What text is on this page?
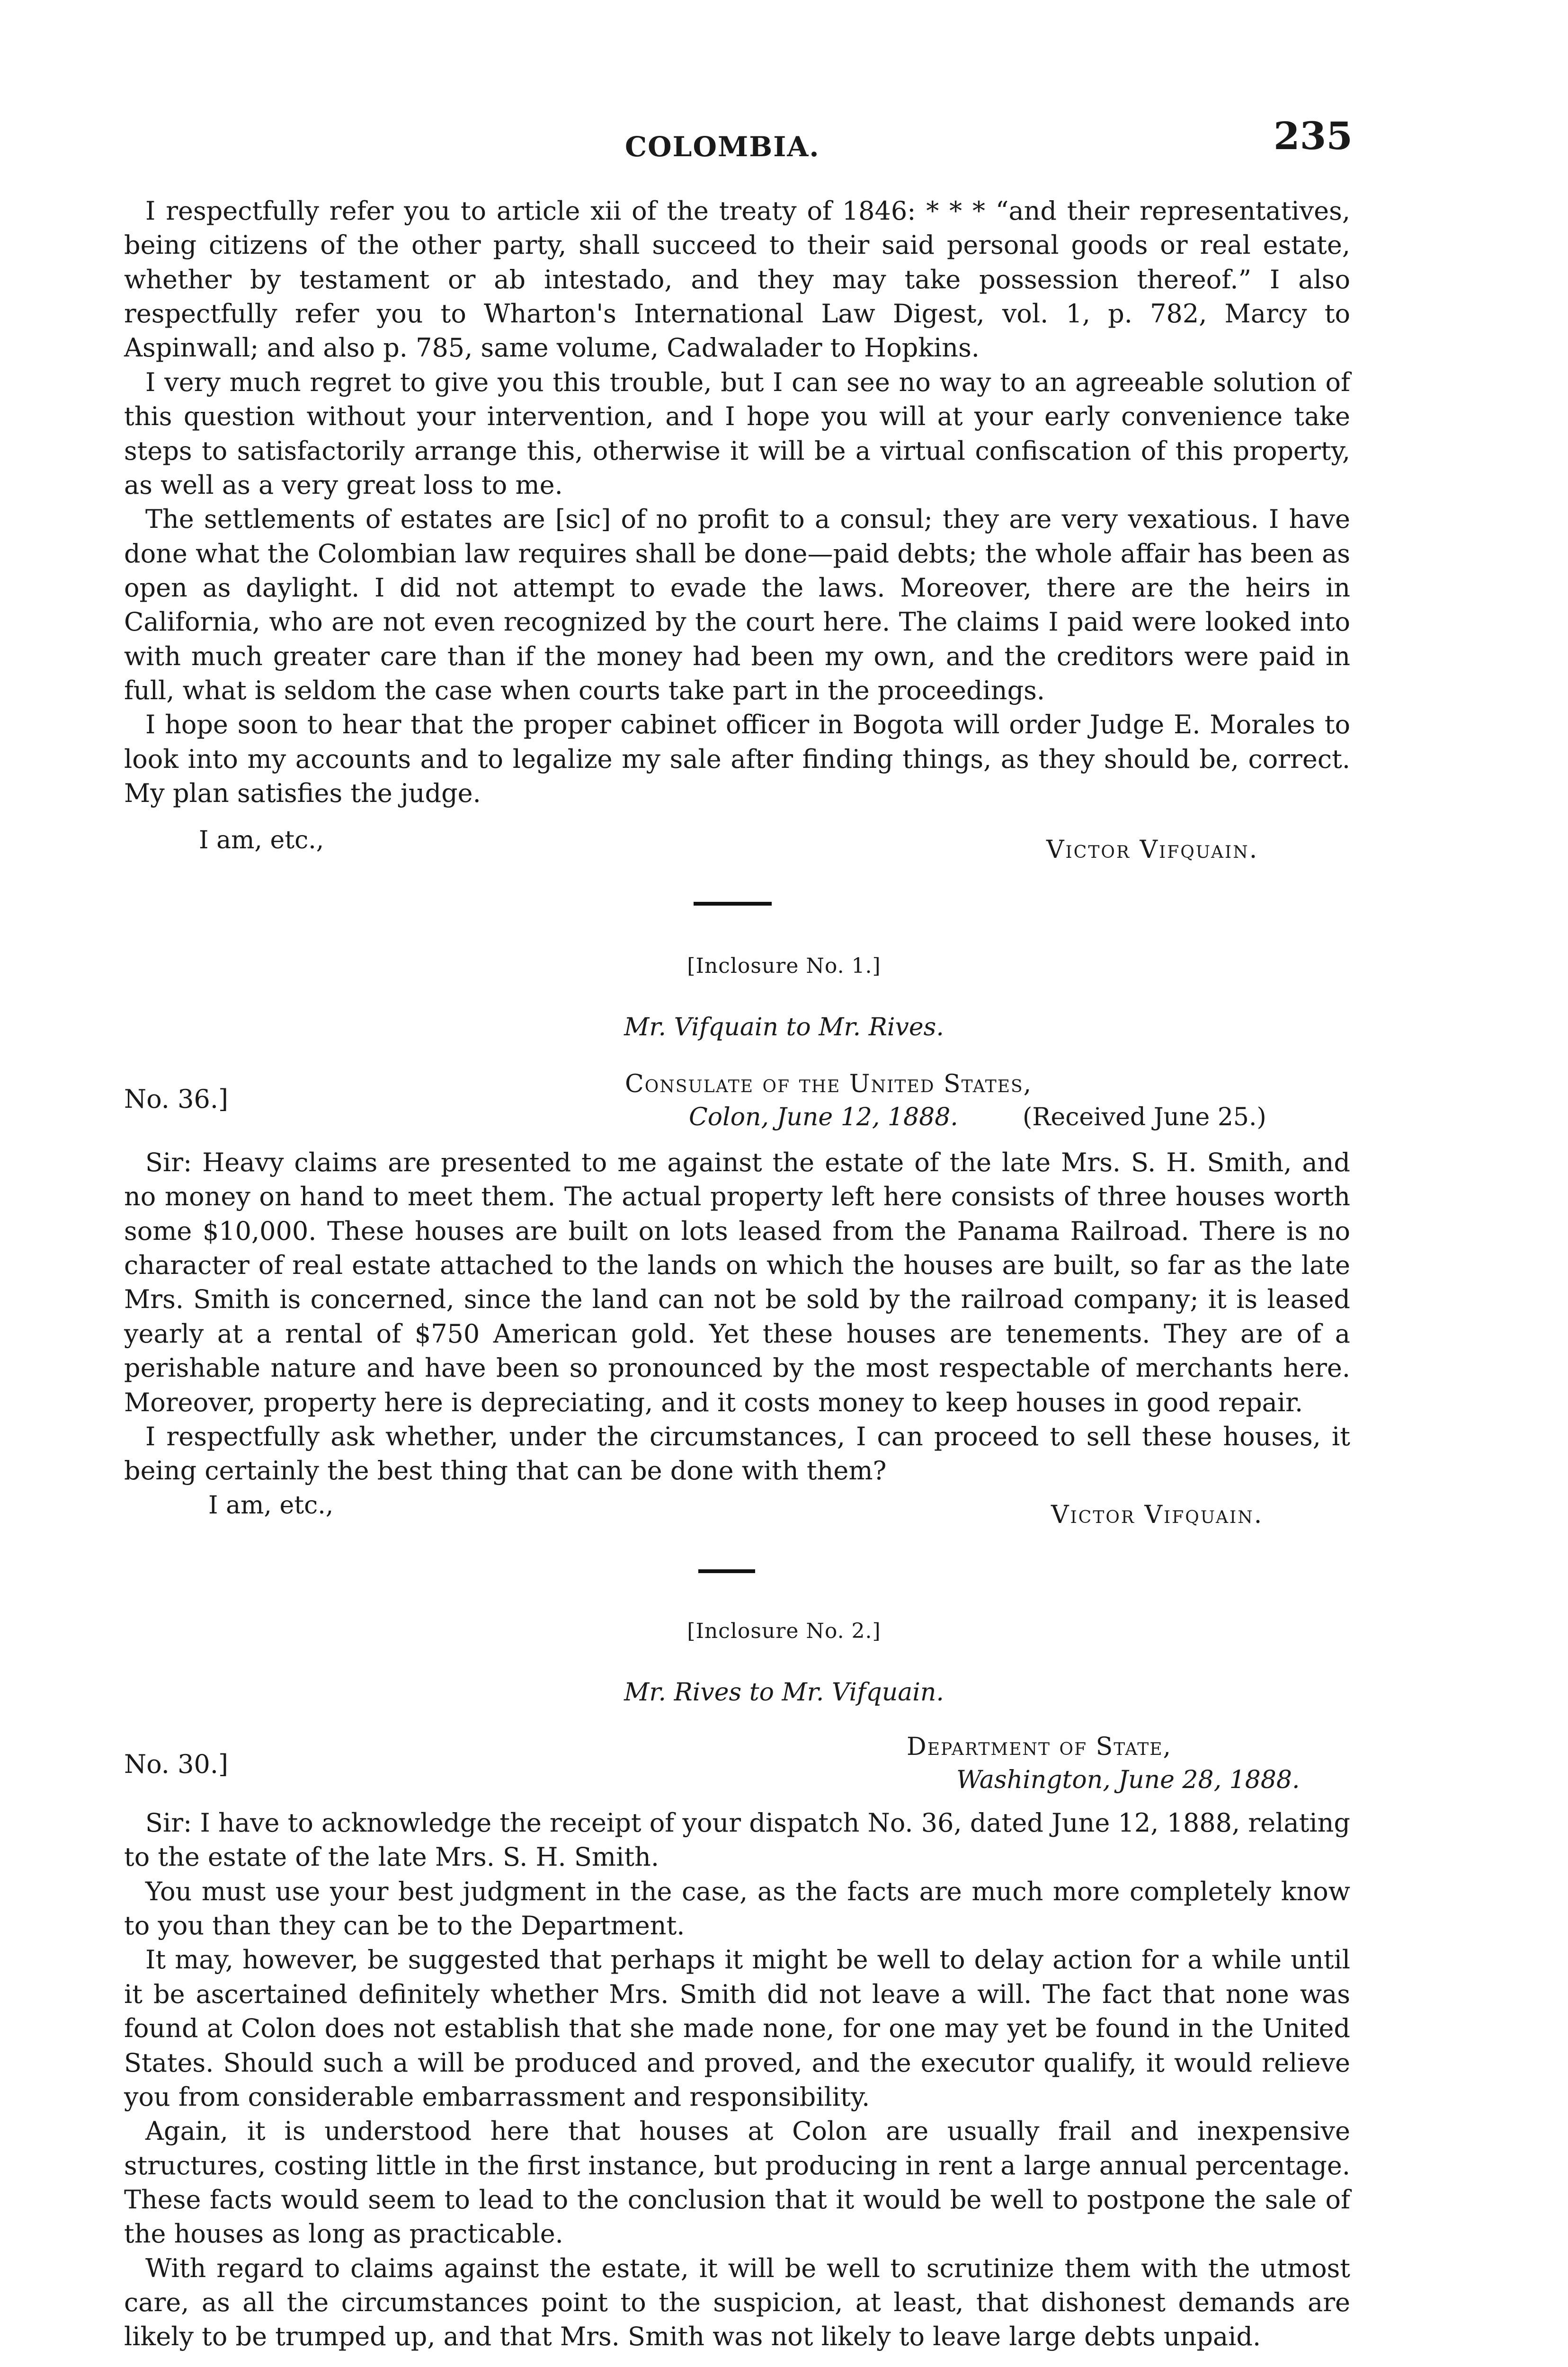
COLOMBIA.	235

I respectfully refer you to article xii of the treaty of 1846: * * * “and their representatives, being citizens of the other party, shall succeed to their said personal goods or real estate, whether by testament or ab intestado, and they may take possession thereof.” I also respectfully refer you to Wharton's International Law Digest, vol. 1, p. 782, Marcy to Aspinwall; and also p. 785, same volume, Cadwalader to Hopkins.

I very much regret to give you this trouble, but I can see no way to an agreeable solution of this question without your intervention, and I hope you will at your early convenience take steps to satisfactorily arrange this, otherwise it will be a virtual confiscation of this property, as well as a very great loss to me.

The settlements of estates are [sic] of no profit to a consul; they are very vexatious. I have done what the Colombian law requires shall be done—paid debts; the whole affair has been as open as daylight. I did not attempt to evade the laws. Moreover, there are the heirs in California, who are not even recognized by the court here. The claims I paid were looked into with much greater care than if the money had been my own, and the creditors were paid in full, what is seldom the case when courts take part in the proceedings.

I hope soon to hear that the proper cabinet officer in Bogota will order Judge E. Morales to look into my accounts and to legalize my sale after finding things, as they should be, correct. My plan satisfies the judge.

I am, etc.,	Victor Vifquain.
[Inclosure No. 1.]
Mr. Vifquain to Mr. Rives.
No. 36.]	Consulate of the United States,
Colon, June 12, 1888.	(Received June 25.)

Sir: Heavy claims are presented to me against the estate of the late Mrs. S. H. Smith, and no money on hand to meet them. The actual property left here consists of three houses worth some $10,000. These houses are built on lots leased from the Panama Railroad. There is no character of real estate attached to the lands on which the houses are built, so far as the late Mrs. Smith is concerned, since the land can not be sold by the railroad company; it is leased yearly at a rental of $750 American gold. Yet these houses are tenements. They are of a perishable nature and have been so pronounced by the most respectable of merchants here. Moreover, property here is depreciating, and it costs money to keep houses in good repair.

I respectfully ask whether, under the circumstances, I can proceed to sell these houses, it being certainly the best thing that can be done with them?

I am, etc.,	Victor Vifquain.
[Inclosure No. 2.]
Mr. Rives to Mr. Vifquain.
No. 30.]
Department of State,
Washington, June 28, 1888.

Sir: I have to acknowledge the receipt of your dispatch No. 36, dated June 12, 1888, relating to the estate of the late Mrs. S. H. Smith.

You must use your best judgment in the case, as the facts are much more completely know to you than they can be to the Department.

It may, however, be suggested that perhaps it might be well to delay action for a while until it be ascertained definitely whether Mrs. Smith did not leave a will. The fact that none was found at Colon does not establish that she made none, for one may yet be found in the United States. Should such a will be produced and proved, and the executor qualify, it would relieve you from considerable embarrassment and responsibility.

Again, it is understood here that houses at Colon are usually frail and inexpensive structures, costing little in the first instance, but producing in rent a large annual percentage. These facts would seem to lead to the conclusion that it would be well to postpone the sale of the houses as long as practicable.

With regard to claims against the estate, it will be well to scrutinize them with the utmost care, as all the circumstances point to the suspicion, at least, that dishonest demands are likely to be trumped up, and that Mrs. Smith was not likely to leave large debts unpaid.
